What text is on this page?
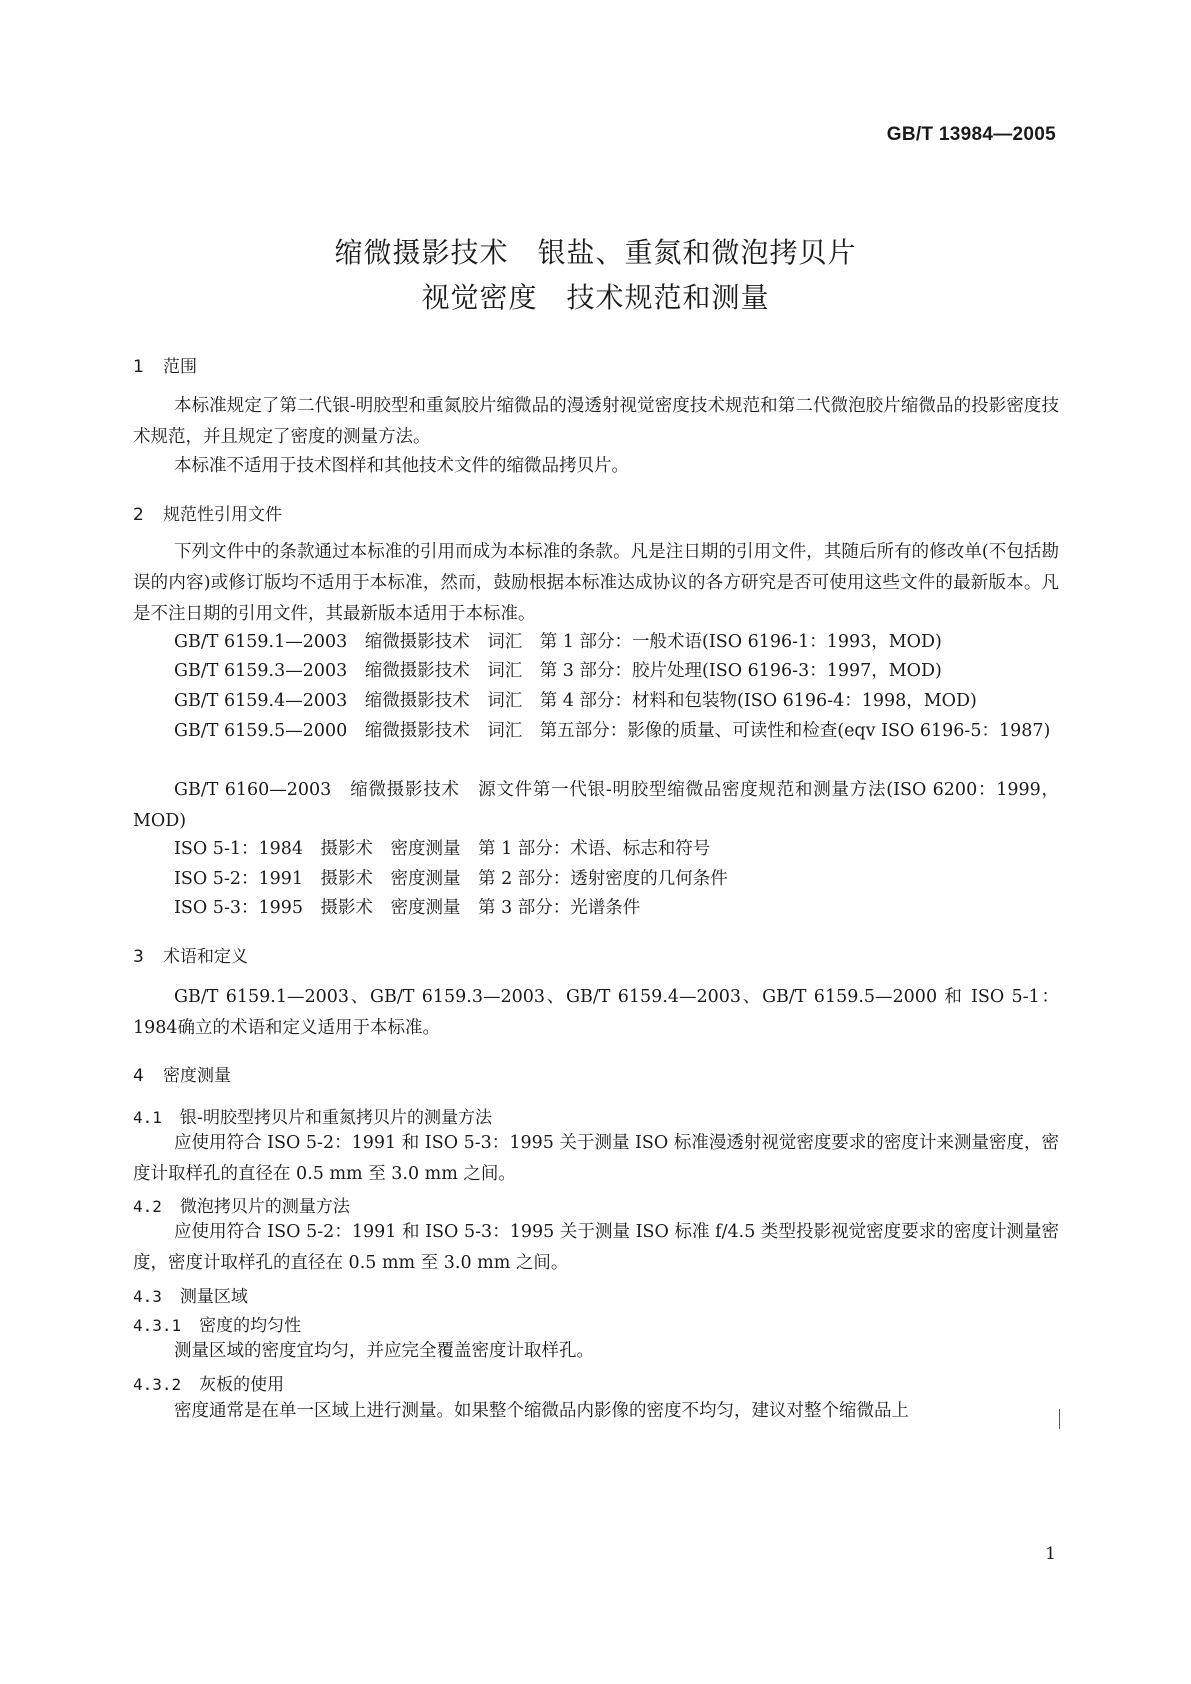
GB/T 13984—2005
缩微摄影技术　银盐、重氮和微泡拷贝片
视觉密度　技术规范和测量
1 范围
本标准规定了第二代银-明胶型和重氮胶片缩微品的漫透射视觉密度技术规范和第二代微泡胶片缩微品的投影密度技术规范，并且规定了密度的测量方法。
本标准不适用于技术图样和其他技术文件的缩微品拷贝片。
2 规范性引用文件
下列文件中的条款通过本标准的引用而成为本标准的条款。凡是注日期的引用文件，其随后所有的修改单(不包括勘误的内容)或修订版均不适用于本标准，然而，鼓励根据本标准达成协议的各方研究是否可使用这些文件的最新版本。凡是不注日期的引用文件，其最新版本适用于本标准。
GB/T 6159.1—2003　缩微摄影技术　词汇　第 1 部分：一般术语(ISO 6196-1：1993，MOD)
GB/T 6159.3—2003　缩微摄影技术　词汇　第 3 部分：胶片处理(ISO 6196-3：1997，MOD)
GB/T 6159.4—2003　缩微摄影技术　词汇　第 4 部分：材料和包装物(ISO 6196-4：1998，MOD)
GB/T 6159.5—2000　缩微摄影技术　词汇　第五部分：影像的质量、可读性和检查(eqv ISO 6196-5：1987)
GB/T 6160—2003　缩微摄影技术　源文件第一代银-明胶型缩微品密度规范和测量方法(ISO 6200：1999，MOD)
ISO 5-1：1984　摄影术　密度测量　第 1 部分：术语、标志和符号
ISO 5-2：1991　摄影术　密度测量　第 2 部分：透射密度的几何条件
ISO 5-3：1995　摄影术　密度测量　第 3 部分：光谱条件
3 术语和定义
GB/T 6159.1—2003、GB/T 6159.3—2003、GB/T 6159.4—2003、GB/T 6159.5—2000 和 ISO 5-1：1984确立的术语和定义适用于本标准。
4 密度测量
4.1 银-明胶型拷贝片和重氮拷贝片的测量方法
应使用符合 ISO 5-2：1991 和 ISO 5-3：1995 关于测量 ISO 标准漫透射视觉密度要求的密度计来测量密度，密度计取样孔的直径在 0.5 mm 至 3.0 mm 之间。
4.2 微泡拷贝片的测量方法
应使用符合 ISO 5-2：1991 和 ISO 5-3：1995 关于测量 ISO 标准 f/4.5 类型投影视觉密度要求的密度计测量密度，密度计取样孔的直径在 0.5 mm 至 3.0 mm 之间。
4.3 测量区域
4.3.1 密度的均匀性
测量区域的密度宜均匀，并应完全覆盖密度计取样孔。
4.3.2 灰板的使用
密度通常是在单一区域上进行测量。如果整个缩微品内影像的密度不均匀，建议对整个缩微品上
1
